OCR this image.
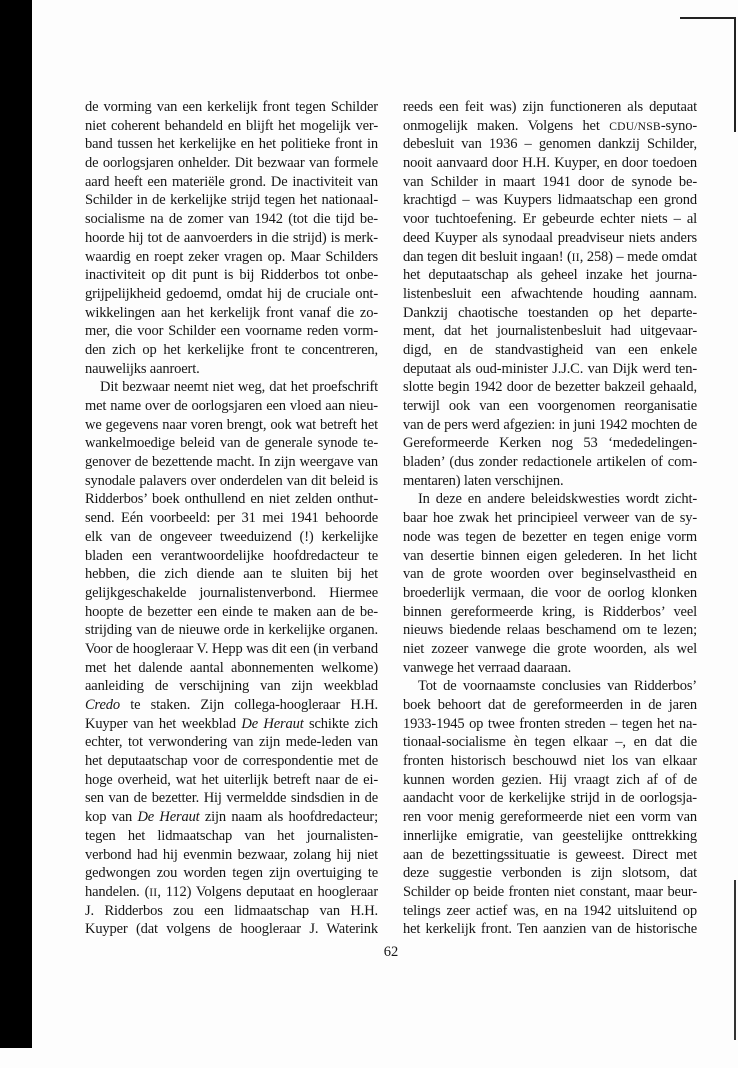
de vorming van een kerkelijk front tegen Schilder
niet coherent behandeld en blijft het mogelijk ver-
band tussen het kerkelijke en het politieke front in
de oorlogsjaren onhelder. Dit bezwaar van formele
aard heeft een materiële grond. De inactiviteit van
Schilder in de kerkelijke strijd tegen het nationaal-
socialisme na de zomer van 1942 (tot die tijd be-
hoorde hij tot de aanvoerders in die strijd) is merk-
waardig en roept zeker vragen op. Maar Schilders
inactiviteit op dit punt is bij Ridderbos tot onbe-
grijpelijkheid gedoemd, omdat hij de cruciale ont-
wikkelingen aan het kerkelijk front vanaf die zo-
mer, die voor Schilder een voorname reden vorm-
den zich op het kerkelijke front te concentreren,
nauwelijks aanroert.
Dit bezwaar neemt niet weg, dat het proefschrift
met name over de oorlogsjaren een vloed aan nieu-
we gegevens naar voren brengt, ook wat betreft het
wankelmoedige beleid van de generale synode te-
genover de bezettende macht. In zijn weergave van
synodale palavers over onderdelen van dit beleid is
Ridderbos’ boek onthullend en niet zelden onthut-
send. Eén voorbeeld: per 31 mei 1941 behoorde
elk van de ongeveer tweeduizend (!) kerkelijke
bladen een verantwoordelijke hoofdredacteur te
hebben, die zich diende aan te sluiten bij het
gelijkgeschakelde journalistenverbond. Hiermee
hoopte de bezetter een einde te maken aan de be-
strijding van de nieuwe orde in kerkelijke organen.
Voor de hoogleraar V. Hepp was dit een (in verband
met het dalende aantal abonnementen welkome)
aanleiding de verschijning van zijn weekblad
Credo te staken. Zijn collega-hoogleraar H.H.
Kuyper van het weekblad De Heraut schikte zich
echter, tot verwondering van zijn mede-leden van
het deputaatschap voor de correspondentie met de
hoge overheid, wat het uiterlijk betreft naar de ei-
sen van de bezetter. Hij vermeldde sindsdien in de
kop van De Heraut zijn naam als hoofdredacteur;
tegen het lidmaatschap van het journalisten-
verbond had hij evenmin bezwaar, zolang hij niet
gedwongen zou worden tegen zijn overtuiging te
handelen. (II, 112) Volgens deputaat en hoogleraar
J. Ridderbos zou een lidmaatschap van H.H.
Kuyper (dat volgens de hoogleraar J. Waterink
reeds een feit was) zijn functioneren als deputaat
onmogelijk maken. Volgens het CDU/NSB-syno-
debesluit van 1936 – genomen dankzij Schilder,
nooit aanvaard door H.H. Kuyper, en door toedoen
van Schilder in maart 1941 door de synode be-
krachtigd – was Kuypers lidmaatschap een grond
voor tuchtoefening. Er gebeurde echter niets – al
deed Kuyper als synodaal preadviseur niets anders
dan tegen dit besluit ingaan! (II, 258) – mede omdat
het deputaatschap als geheel inzake het journa-
listenbesluit een afwachtende houding aannam.
Dankzij chaotische toestanden op het departe-
ment, dat het journalistenbesluit had uitgevaar-
digd, en de standvastigheid van een enkele
deputaat als oud-minister J.J.C. van Dijk werd ten-
slotte begin 1942 door de bezetter bakzeil gehaald,
terwijl ook van een voorgenomen reorganisatie
van de pers werd afgezien: in juni 1942 mochten de
Gereformeerde Kerken nog 53 ‘mededelingen-
bladen’ (dus zonder redactionele artikelen of com-
mentaren) laten verschijnen.
In deze en andere beleidskwesties wordt zicht-
baar hoe zwak het principieel verweer van de sy-
node was tegen de bezetter en tegen enige vorm
van desertie binnen eigen gelederen. In het licht
van de grote woorden over beginselvastheid en
broederlijk vermaan, die voor de oorlog klonken
binnen gereformeerde kring, is Ridderbos’ veel
nieuws biedende relaas beschamend om te lezen;
niet zozeer vanwege die grote woorden, als wel
vanwege het verraad daaraan.
Tot de voornaamste conclusies van Ridderbos’
boek behoort dat de gereformeerden in de jaren
1933-1945 op twee fronten streden – tegen het na-
tionaal-socialisme èn tegen elkaar –, en dat die
fronten historisch beschouwd niet los van elkaar
kunnen worden gezien. Hij vraagt zich af of de
aandacht voor de kerkelijke strijd in de oorlogsja-
ren voor menig gereformeerde niet een vorm van
innerlijke emigratie, van geestelijke onttrekking
aan de bezettingssituatie is geweest. Direct met
deze suggestie verbonden is zijn slotsom, dat
Schilder op beide fronten niet constant, maar beur-
telings zeer actief was, en na 1942 uitsluitend op
het kerkelijk front. Ten aanzien van de historische
62
